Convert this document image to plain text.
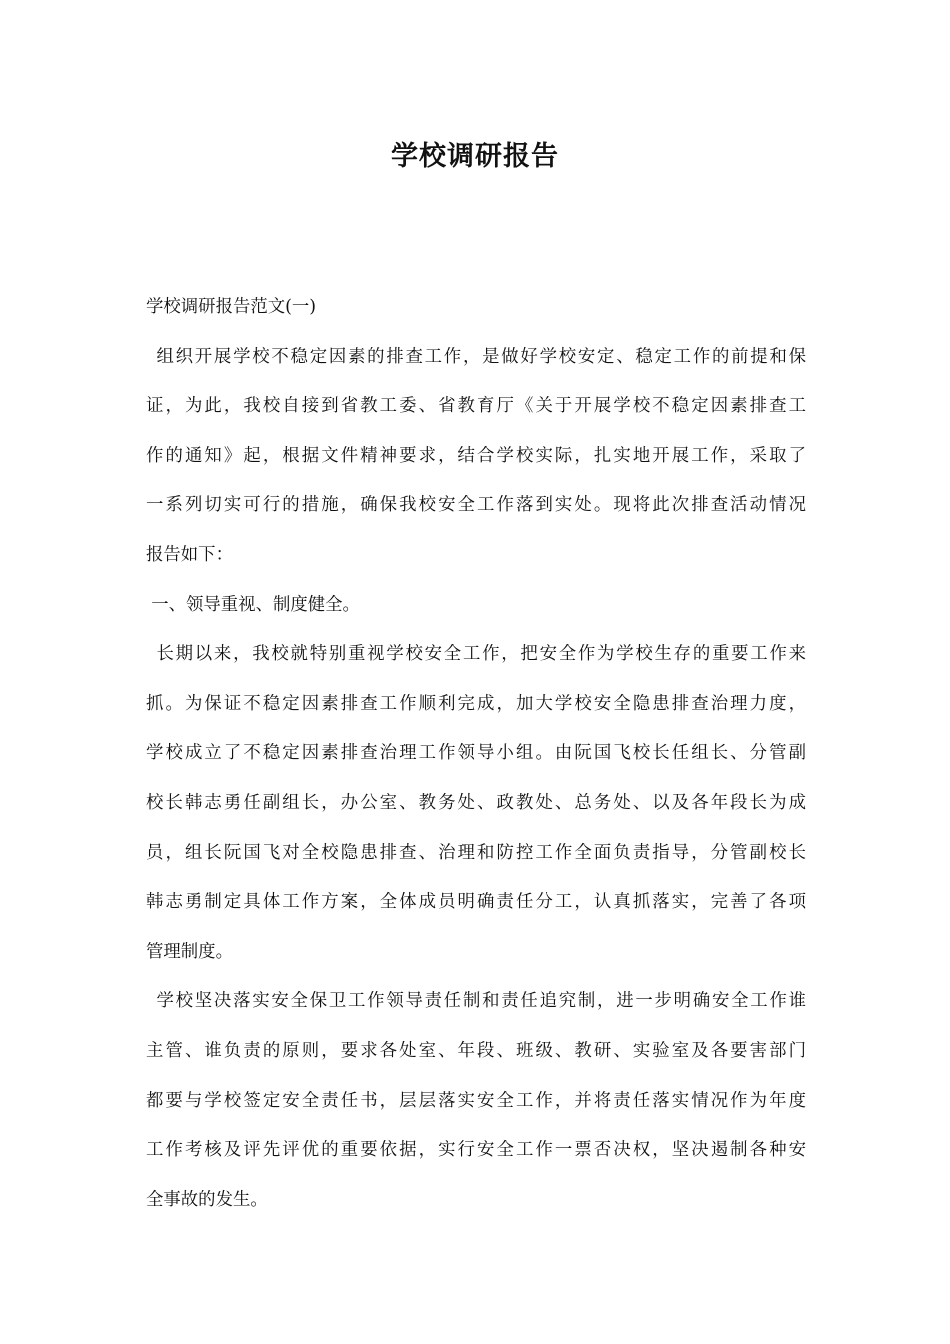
学校调研报告

学校调研报告范文(一)

组织开展学校不稳定因素的排查工作，是做好学校安定、稳定工作的前提和保
证，为此，我校自接到省教工委、省教育厅《关于开展学校不稳定因素排查工
作的通知》起，根据文件精神要求，结合学校实际，扎实地开展工作，采取了
一系列切实可行的措施，确保我校安全工作落到实处。现将此次排查活动情况
报告如下：

一、领导重视、制度健全。

长期以来，我校就特别重视学校安全工作，把安全作为学校生存的重要工作来
抓。为保证不稳定因素排查工作顺利完成，加大学校安全隐患排查治理力度，
学校成立了不稳定因素排查治理工作领导小组。由阮国飞校长任组长、分管副
校长韩志勇任副组长，办公室、教务处、政教处、总务处、以及各年段长为成
员，组长阮国飞对全校隐患排查、治理和防控工作全面负责指导，分管副校长
韩志勇制定具体工作方案，全体成员明确责任分工，认真抓落实，完善了各项
管理制度。

学校坚决落实安全保卫工作领导责任制和责任追究制，进一步明确安全工作谁
主管、谁负责的原则，要求各处室、年段、班级、教研、实验室及各要害部门
都要与学校签定安全责任书，层层落实安全工作，并将责任落实情况作为年度
工作考核及评先评优的重要依据，实行安全工作一票否决权，坚决遏制各种安
全事故的发生。
